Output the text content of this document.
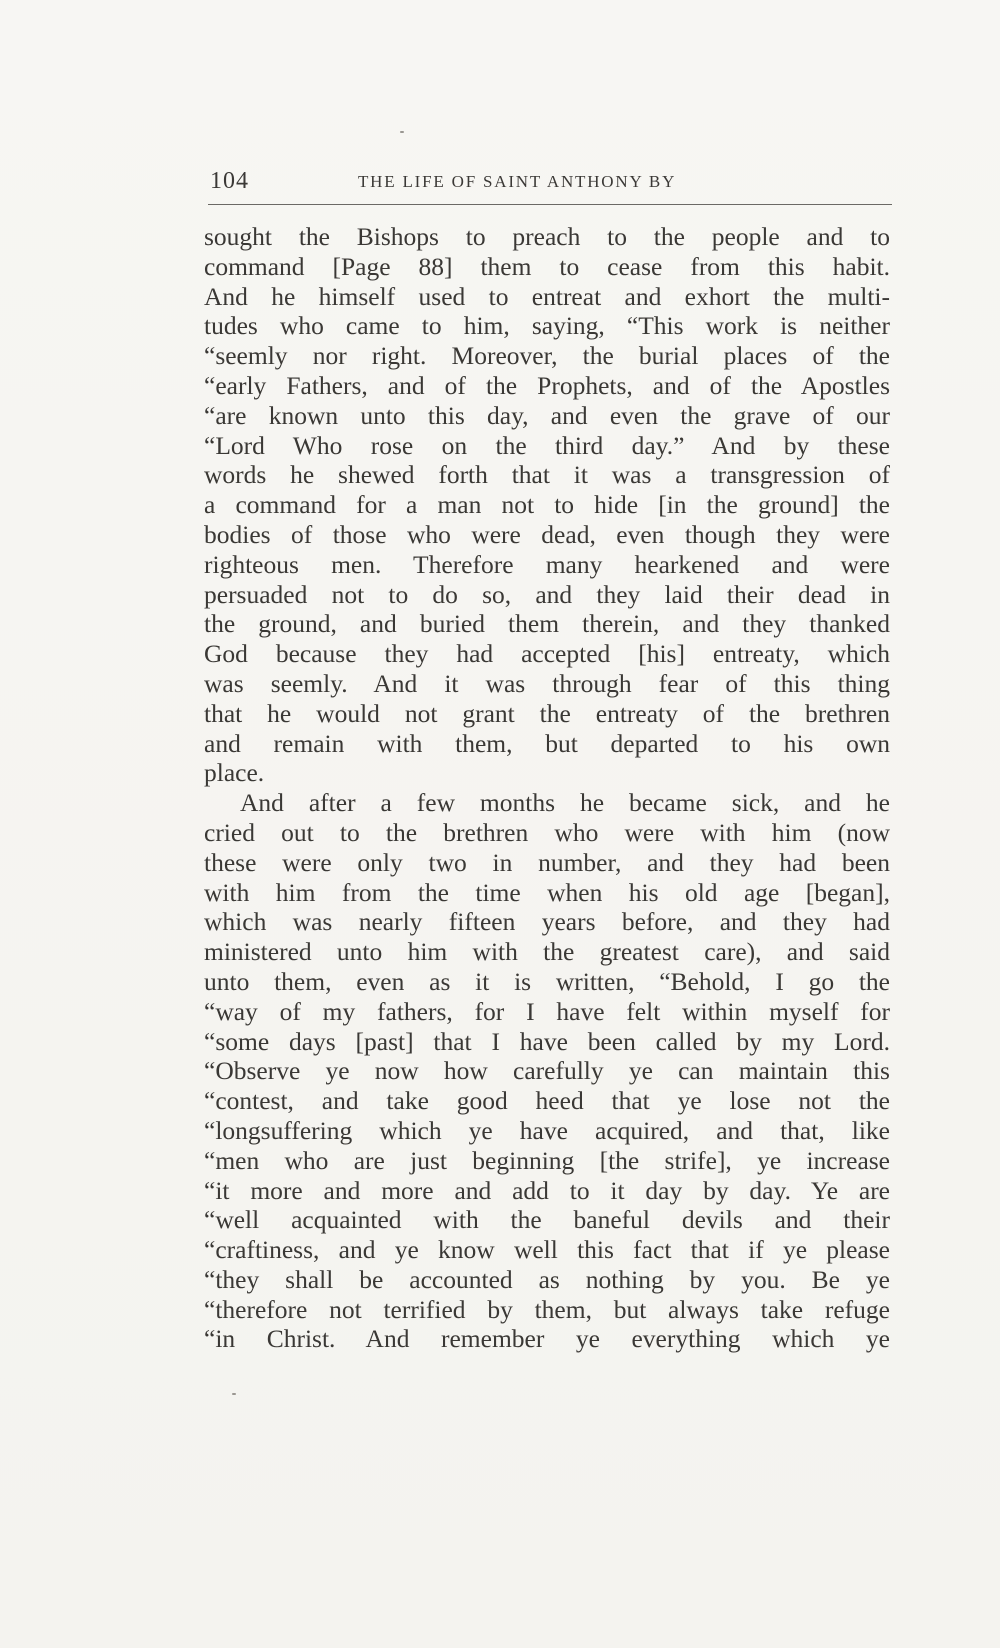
104	THE LIFE OF SAINT ANTHONY BY
sought the Bishops to preach to the people and to
command [Page 88] them to cease from this habit.
And he himself used to entreat and exhort the multi-
tudes who came to him, saying, “This work is neither
“seemly nor right. Moreover, the burial places of the
“early Fathers, and of the Prophets, and of the Apostles
“are known unto this day, and even the grave of our
“Lord Who rose on the third day.” And by these
words he shewed forth that it was a transgression of
a command for a man not to hide [in the ground] the
bodies of those who were dead, even though they were
righteous men. Therefore many hearkened and were
persuaded not to do so, and they laid their dead in
the ground, and buried them therein, and they thanked
God because they had accepted [his] entreaty, which
was seemly. And it was through fear of this thing
that he would not grant the entreaty of the brethren
and remain with them, but departed to his own
place.
And after a few months he became sick, and he
cried out to the brethren who were with him (now
these were only two in number, and they had been
with him from the time when his old age [began],
which was nearly fifteen years before, and they had
ministered unto him with the greatest care), and said
unto them, even as it is written, “Behold, I go the
“way of my fathers, for I have felt within myself for
“some days [past] that I have been called by my Lord.
“Observe ye now how carefully ye can maintain this
“contest, and take good heed that ye lose not the
“longsuffering which ye have acquired, and that, like
“men who are just beginning [the strife], ye increase
“it more and more and add to it day by day. Ye are
“well acquainted with the baneful devils and their
“craftiness, and ye know well this fact that if ye please
“they shall be accounted as nothing by you. Be ye
“therefore not terrified by them, but always take refuge
“in Christ. And remember ye everything which ye
